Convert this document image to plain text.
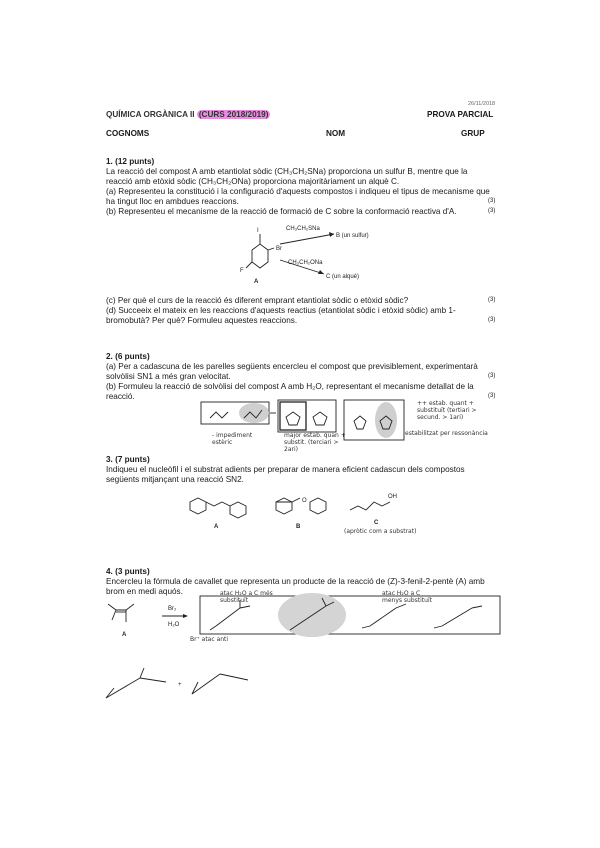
26/11/2018
QUÍMICA ORGÀNICA II (CURS 2018/2019)	PROVA PARCIAL
COGNOMS	NOM	GRUP
1. (12 punts)
La reacció del compost A amb etantiolat sòdic (CH₃CH₂SNa) proporciona un sulfur B, mentre que la
reacció amb etòxid sòdic (CH₃CH₂ONa) proporciona majoritàriament un alquè C.
(a) Representeu la constitució i la configuració d'aquests compostos i indiqueu el tipus de mecanisme que
ha tingut lloc en ambdues reaccions.	(3)
(b) Representeu el mecanisme de la reacció de formació de C sobre la conformació reactiva d'A.	(3)
I
Br
F
A
CH₃CH₂SNa
B (un sulfur)
CH₃CH₂ONa
C (un alquè)
(c) Per què el curs de la reacció és diferent emprant etantiolat sòdic o etòxid sòdic?	(3)
(d) Succeeix el mateix en les reaccions d'aquests reactius (etantiolat sòdic i etòxid sòdic) amb 1-
bromobutà? Per què? Formuleu aquestes reaccions.	(3)
2. (6 punts)
(a) Per a cadascuna de les parelles següents encercleu el compost que previsiblement, experimentarà
solvòlisi SN1 a més gran velocitat.	(3)
(b) Formuleu la reacció de solvòlisi del compost A amb H₂O, representant el mecanisme detallat de la
reacció.	(3)
++ estab. quant + substituït (tertiari > secund. > 1ari)
estabilitzat per ressonància
- impediment estèric
major estab. quan + substit. (terciari > 2ari)
3. (7 punts)
Indiqueu el nucleòfil i el substrat adients per preparar de manera eficient cadascun dels compostos
següents mitjançant una reacció SN2.
A
O
B
OH
C
(apròtic com a substrat)
4. (3 punts)
Encercleu la fórmula de cavallet que representa un producte de la reacció de (Z)-3-fenil-2-pentè (A) amb
brom en medi aquós.
A
Br₂
H₂O
+
Br⁺ atac anti
atac H₂O a C més substituït
atac H₂O a C menys substituït
